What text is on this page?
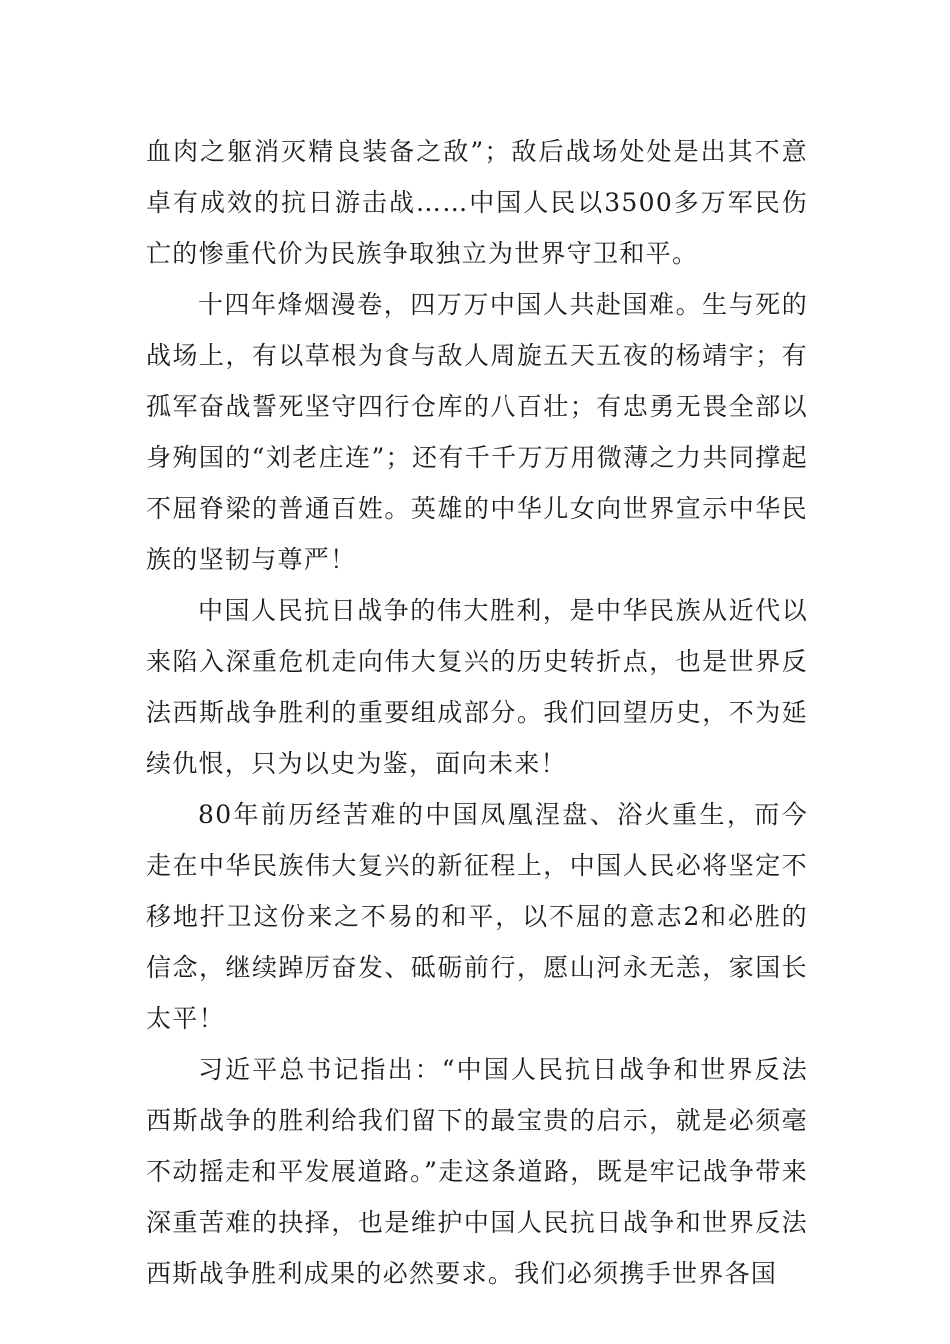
血肉之躯消灭精良装备之敌”；敌后战场处处是出其不意卓有成效的抗日游击战……中国人民以3500多万军民伤亡的惨重代价为民族争取独立为世界守卫和平。

十四年烽烟漫卷，四万万中国人共赴国难。生与死的战场上，有以草根为食与敌人周旋五天五夜的杨靖宇；有孤军奋战誓死坚守四行仓库的八百壮；有忠勇无畏全部以身殉国的“刘老庄连”；还有千千万万用微薄之力共同撑起不屈脊梁的普通百姓。英雄的中华儿女向世界宣示中华民族的坚韧与尊严！

中国人民抗日战争的伟大胜利，是中华民族从近代以来陷入深重危机走向伟大复兴的历史转折点，也是世界反法西斯战争胜利的重要组成部分。我们回望历史，不为延续仇恨，只为以史为鉴，面向未来！

80年前历经苦难的中国凤凰涅盘、浴火重生，而今走在中华民族伟大复兴的新征程上，中国人民必将坚定不移地扞卫这份来之不易的和平，以不屈的意志2和必胜的信念，继续踔厉奋发、砥砺前行，愿山河永无恙，家国长太平！

习近平总书记指出：“中国人民抗日战争和世界反法西斯战争的胜利给我们留下的最宝贵的启示，就是必须毫不动摇走和平发展道路。”走这条道路，既是牢记战争带来深重苦难的抉择，也是维护中国人民抗日战争和世界反法西斯战争胜利成果的必然要求。我们必须携手世界各国
